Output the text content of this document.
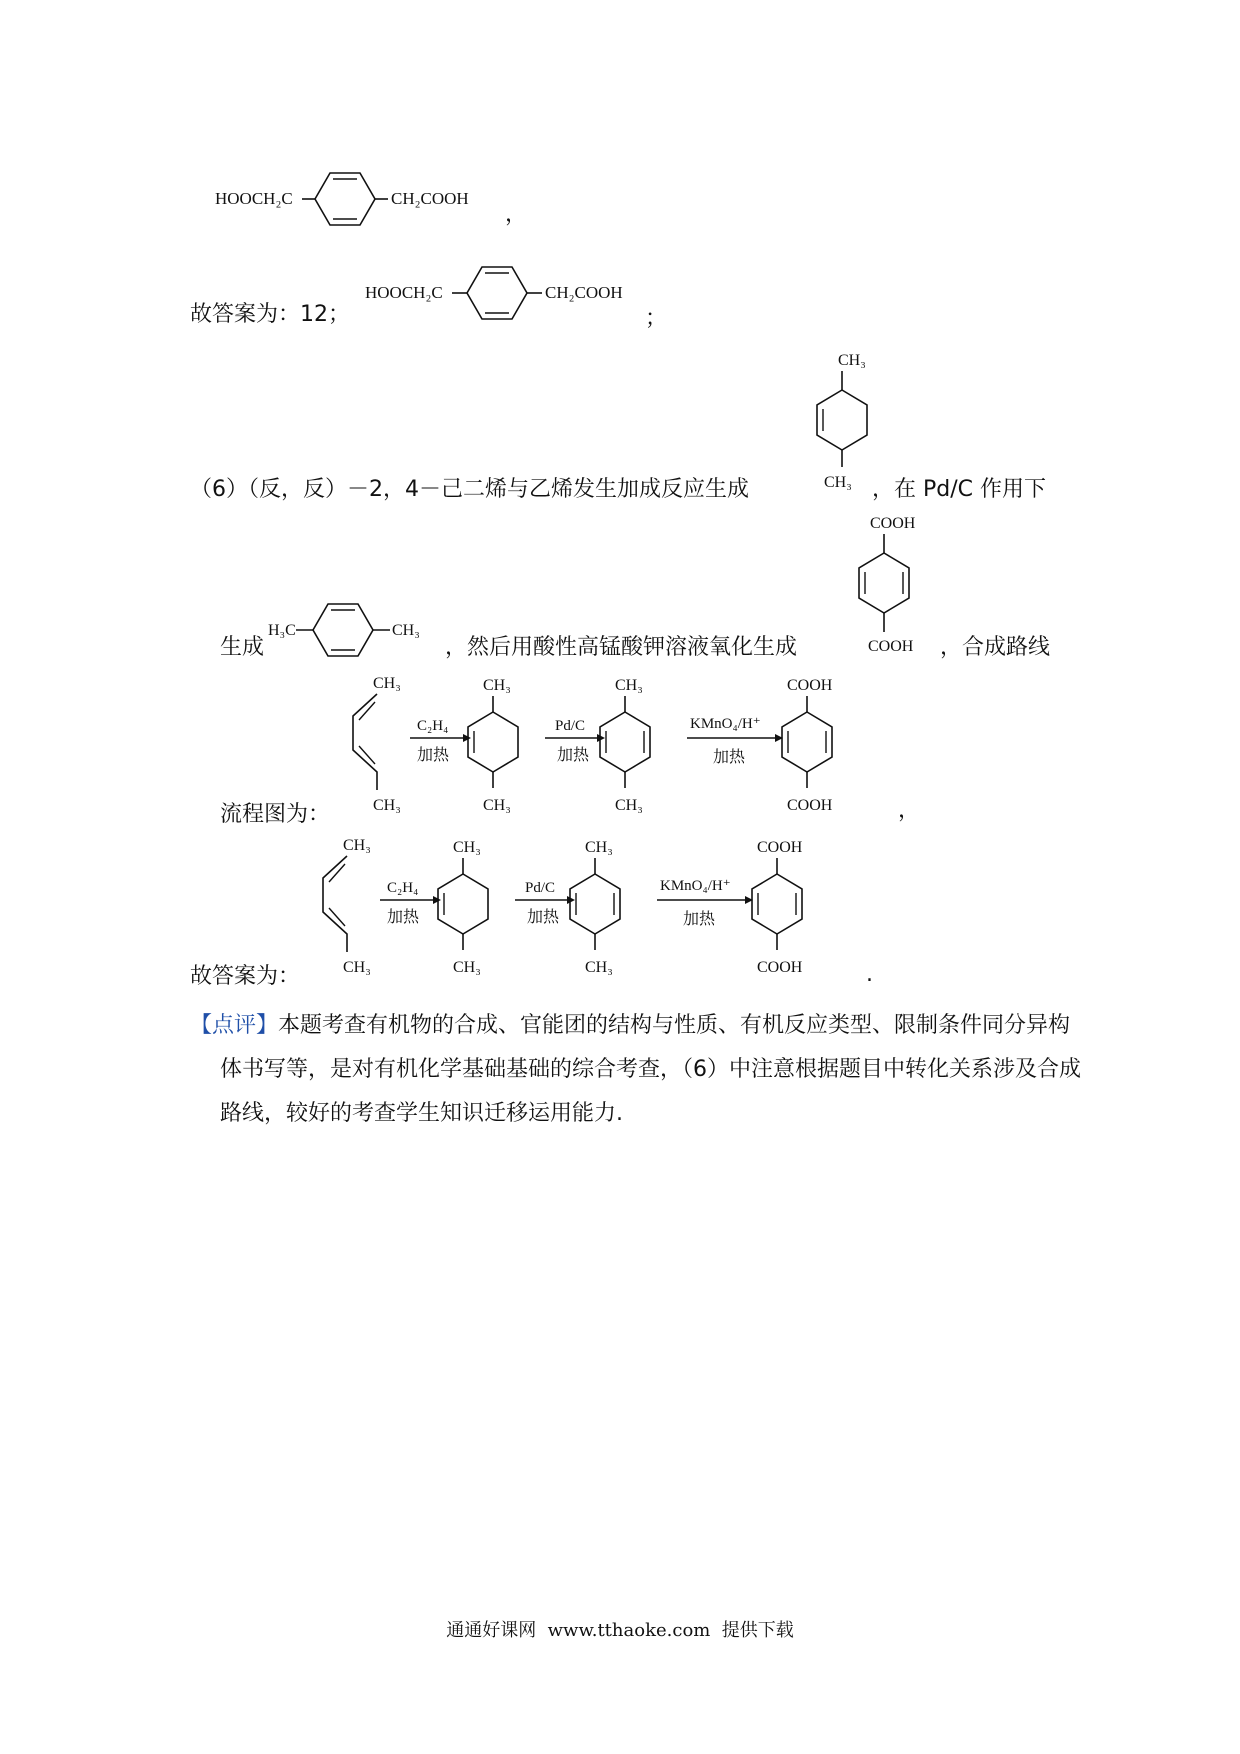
HOOCH₂C	CH₂COOH
，
故答案为：12；
HOOCH₂C	CH₂COOH
；
（6）（反，反）－2，4－己二烯与乙烯发生加成反应生成
CH₃
CH₃ ，在 Pd/C 作用下
生成
H₃C	CH₃
，然后用酸性高锰酸钾溶液氧化生成
COOH
COOH ，合成路线
流程图为：
CH₃
CH₃
C₂H₄
加热
CH₃
CH₃
Pd/C
加热
CH₃
CH₃
KMnO₄/H⁺
加热
COOH
COOH	，
故答案为：
CH₃
CH₃
C₂H₄
加热
CH₃
CH₃
Pd/C
加热
CH₃
CH₃
KMnO₄/H⁺
加热
COOH
COOH	.
【点评】本题考查有机物的合成、官能团的结构与性质、有机反应类型、限制条件同分异构体书写等，是对有机化学基础基础的综合考查，（6）中注意根据题目中转化关系涉及合成路线，较好的考查学生知识迁移运用能力.
通通好课网  www.tthaoke.com  提供下载
